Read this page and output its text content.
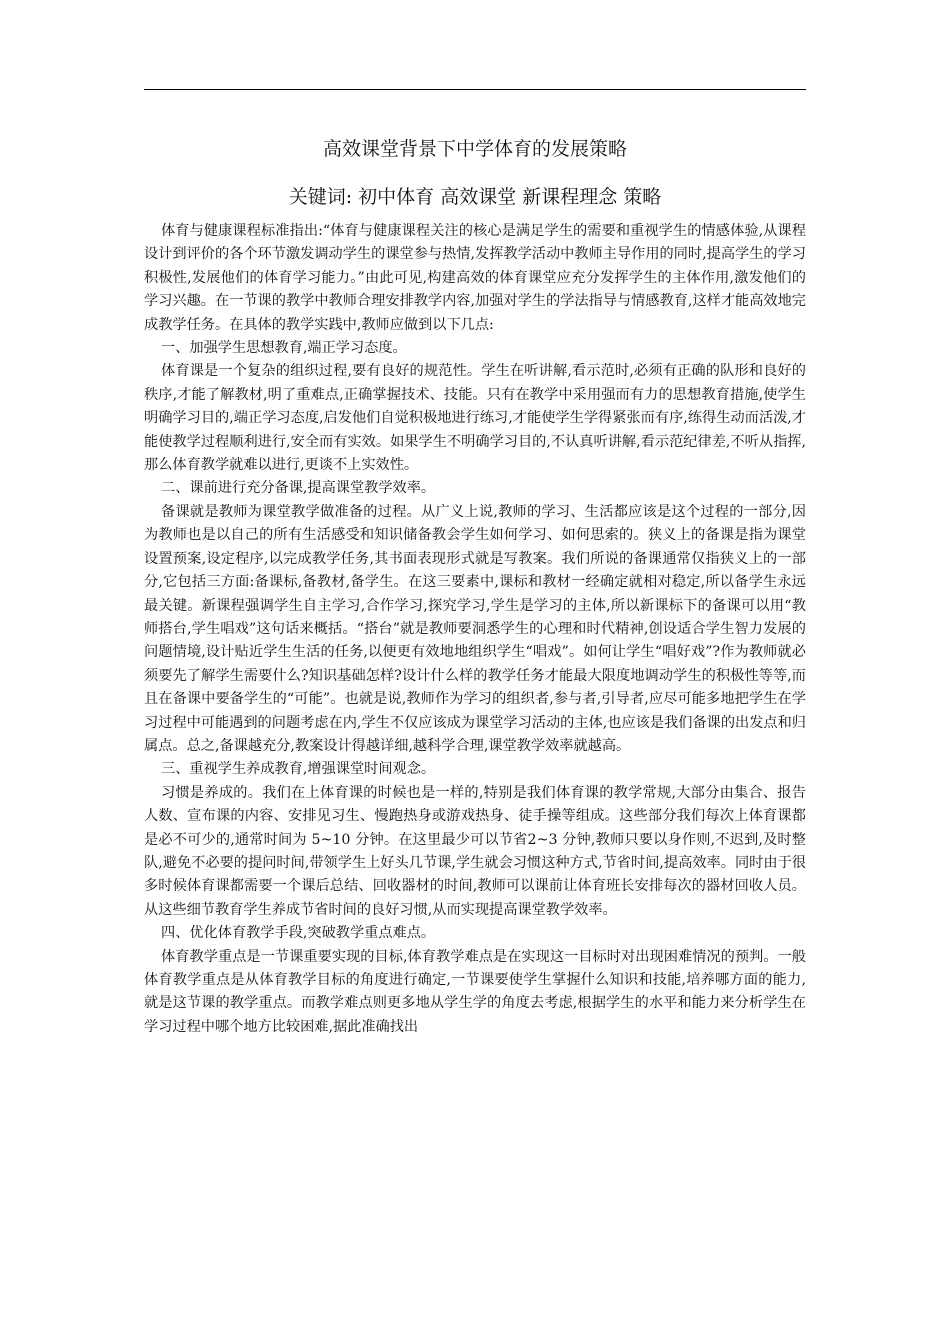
高效课堂背景下中学体育的发展策略
关键词: 初中体育 高效课堂 新课程理念 策略

体育与健康课程标准指出:“体育与健康课程关注的核心是满足学生的需要和重视学生的情感体验,从课程设计到评价的各个环节激发调动学生的课堂参与热情,发挥教学活动中教师主导作用的同时,提高学生的学习积极性,发展他们的体育学习能力。”由此可见,构建高效的体育课堂应充分发挥学生的主体作用,激发他们的学习兴趣。在一节课的教学中教师合理安排教学内容,加强对学生的学法指导与情感教育,这样才能高效地完成教学任务。在具体的教学实践中,教师应做到以下几点:

一、加强学生思想教育,端正学习态度。

体育课是一个复杂的组织过程,要有良好的规范性。学生在听讲解,看示范时,必须有正确的队形和良好的秩序,才能了解教材,明了重难点,正确掌握技术、技能。只有在教学中采用强而有力的思想教育措施,使学生明确学习目的,端正学习态度,启发他们自觉积极地进行练习,才能使学生学得紧张而有序,练得生动而活泼,才能使教学过程顺利进行,安全而有实效。如果学生不明确学习目的,不认真听讲解,看示范纪律差,不听从指挥,那么体育教学就难以进行,更谈不上实效性。

二、课前进行充分备课,提高课堂教学效率。

备课就是教师为课堂教学做准备的过程。从广义上说,教师的学习、生活都应该是这个过程的一部分,因为教师也是以自己的所有生活感受和知识储备教会学生如何学习、如何思索的。狭义上的备课是指为课堂设置预案,设定程序,以完成教学任务,其书面表现形式就是写教案。我们所说的备课通常仅指狭义上的一部分,它包括三方面:备课标,备教材,备学生。在这三要素中,课标和教材一经确定就相对稳定,所以备学生永远最关键。新课程强调学生自主学习,合作学习,探究学习,学生是学习的主体,所以新课标下的备课可以用“教师搭台,学生唱戏”这句话来概括。“搭台”就是教师要洞悉学生的心理和时代精神,创设适合学生智力发展的问题情境,设计贴近学生生活的任务,以便更有效地地组织学生“唱戏”。如何让学生“唱好戏”?作为教师就必须要先了解学生需要什么?知识基础怎样?设计什么样的教学任务才能最大限度地调动学生的积极性等等,而且在备课中要备学生的“可能”。也就是说,教师作为学习的组织者,参与者,引导者,应尽可能多地把学生在学习过程中可能遇到的问题考虑在内,学生不仅应该成为课堂学习活动的主体,也应该是我们备课的出发点和归属点。总之,备课越充分,教案设计得越详细,越科学合理,课堂教学效率就越高。

三、重视学生养成教育,增强课堂时间观念。

习惯是养成的。我们在上体育课的时候也是一样的,特别是我们体育课的教学常规,大部分由集合、报告人数、宣布课的内容、安排见习生、慢跑热身或游戏热身、徒手操等组成。这些部分我们每次上体育课都是必不可少的,通常时间为 5~10 分钟。在这里最少可以节省2~3 分钟,教师只要以身作则,不迟到,及时整队,避免不必要的提问时间,带领学生上好头几节课,学生就会习惯这种方式,节省时间,提高效率。同时由于很多时候体育课都需要一个课后总结、回收器材的时间,教师可以课前让体育班长安排每次的器材回收人员。从这些细节教育学生养成节省时间的良好习惯,从而实现提高课堂教学效率。

四、优化体育教学手段,突破教学重点难点。

体育教学重点是一节课重要实现的目标,体育教学难点是在实现这一目标时对出现困难情况的预判。一般体育教学重点是从体育教学目标的角度进行确定,一节课要使学生掌握什么知识和技能,培养哪方面的能力,就是这节课的教学重点。而教学难点则更多地从学生学的角度去考虑,根据学生的水平和能力来分析学生在学习过程中哪个地方比较困难,据此准确找出
